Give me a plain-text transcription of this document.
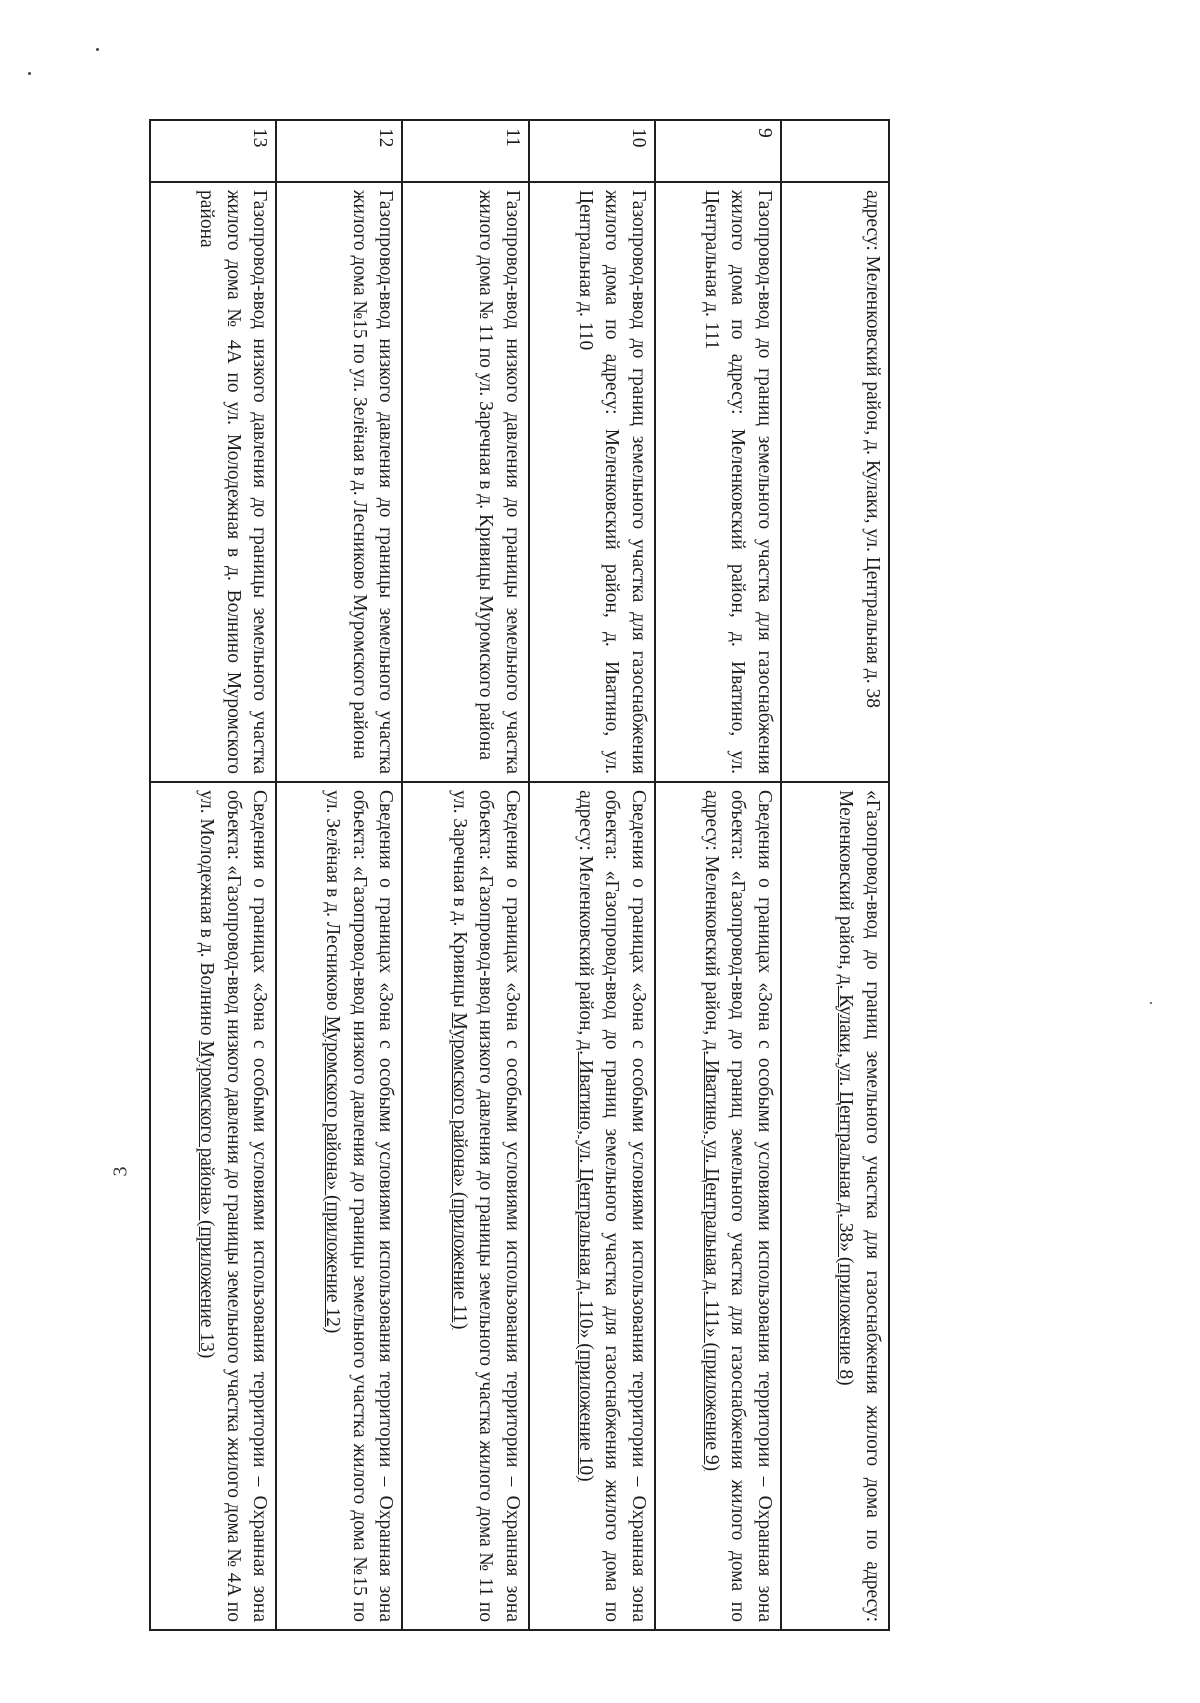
3
	адресу: Меленковский район, д. Кулаки, ул. Центральная д. 38	«Газопровод-ввод до границ земельного участка для газоснабжения жилого дома по адресу: Меленковский район, д. Кулаки, ул. Центральная д. 38» (приложение 8)
9	Газопровод-ввод до границ земельного участка для газоснабжения жилого дома по адресу: Меленковский район, д. Иватино, ул. Центральная д. 111	Сведения о границах «Зона с особыми условиями использования территории – Охранная зона объекта: «Газопровод-ввод до границ земельного участка для газоснабжения жилого дома по адресу: Меленковский район, д. Иватино, ул. Центральная д. 111» (приложение 9)
10	Газопровод-ввод до границ земельного участка для газоснабжения жилого дома по адресу: Меленковский район, д. Иватино, ул. Центральная д. 110	Сведения о границах «Зона с особыми условиями использования территории – Охранная зона объекта: «Газопровод-ввод до границ земельного участка для газоснабжения жилого дома по адресу: Меленковский район, д. Иватино, ул. Центральная д. 110» (приложение 10)
11	Газопровод-ввод низкого давления до границы земельного участка жилого дома № 11 по ул. Заречная в д. Кривицы Муромского района	Сведения о границах «Зона с особыми условиями использования территории – Охранная зона объекта: «Газопровод-ввод низкого давления до границы земельного участка жилого дома № 11 по ул. Заречная в д. Кривицы Муромского района» (приложение 11)
12	Газопровод-ввод низкого давления до границы земельного участка жилого дома №15 по ул. Зелёная в д. Лесниково Муромского района	Сведения о границах «Зона с особыми условиями использования территории – Охранная зона объекта: «Газопровод-ввод низкого давления до границы земельного участка жилого дома №15 по ул. Зелёная в д. Лесниково Муромского района» (приложение 12)
13	Газопровод-ввод низкого давления до границы земельного участка жилого дома № 4А по ул. Молодежная в д. Волнино Муромского района	Сведения о границах «Зона с особыми условиями использования территории – Охранная зона объекта: «Газопровод-ввод низкого давления до границы земельного участка жилого дома № 4А по ул. Молодежная в д. Волнино Муромского района» (приложение 13)
